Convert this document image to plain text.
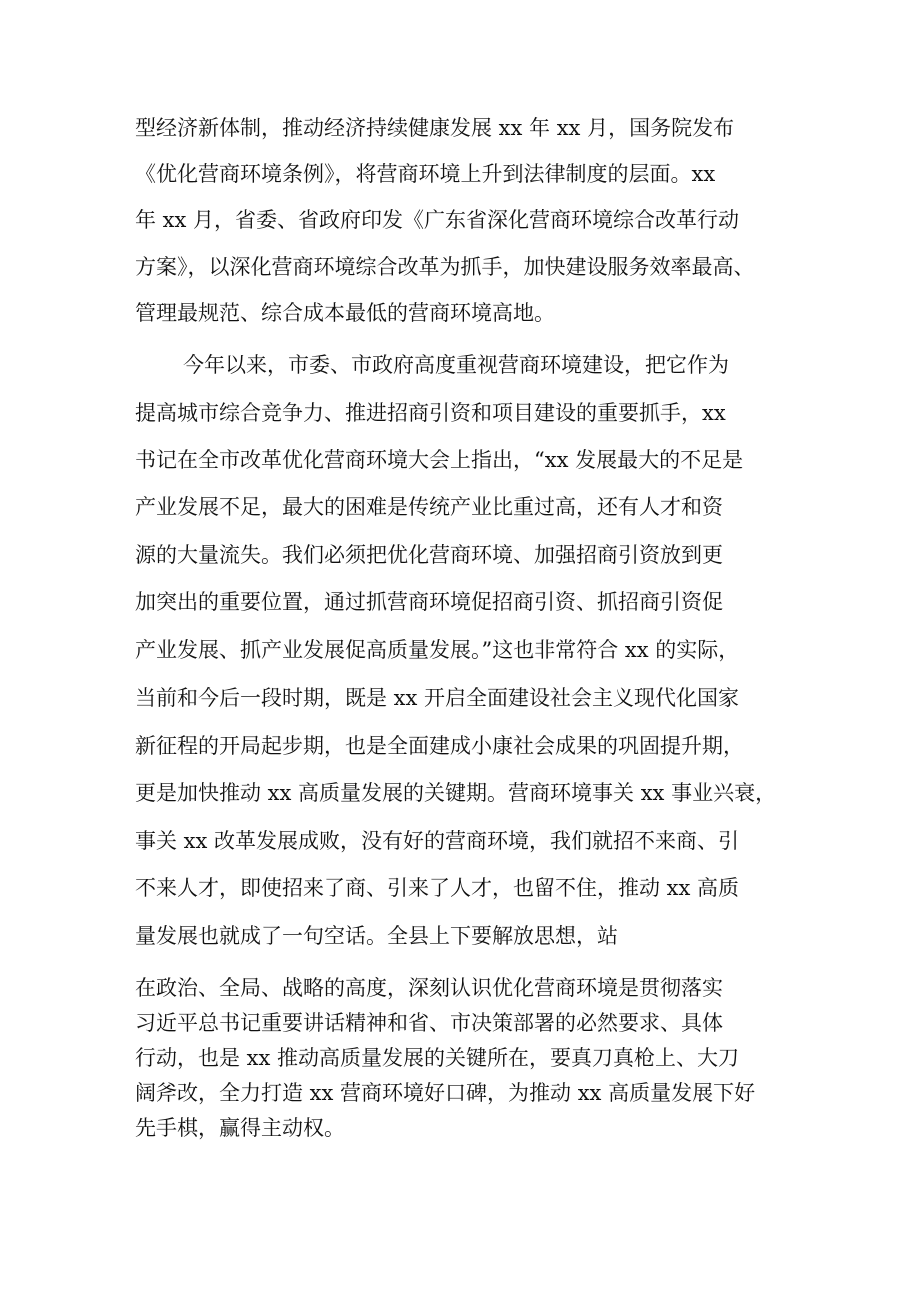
型经济新体制，推动经济持续健康发展 xx 年 xx 月，国务院发布
《优化营商环境条例》，将营商环境上升到法律制度的层面。xx
年 xx 月，省委、省政府印发《广东省深化营商环境综合改革行动
方案》，以深化营商环境综合改革为抓手，加快建设服务效率最高、
管理最规范、综合成本最低的营商环境高地。
今年以来，市委、市政府高度重视营商环境建设，把它作为
提高城市综合竞争力、推进招商引资和项目建设的重要抓手，xx
书记在全市改革优化营商环境大会上指出，“xx 发展最大的不足是
产业发展不足，最大的困难是传统产业比重过高，还有人才和资
源的大量流失。我们必须把优化营商环境、加强招商引资放到更
加突出的重要位置，通过抓营商环境促招商引资、抓招商引资促
产业发展、抓产业发展促高质量发展。”这也非常符合 xx 的实际，
当前和今后一段时期，既是 xx 开启全面建设社会主义现代化国家
新征程的开局起步期，也是全面建成小康社会成果的巩固提升期，
更是加快推动 xx 高质量发展的关键期。营商环境事关 xx 事业兴衰，
事关 xx 改革发展成败，没有好的营商环境，我们就招不来商、引
不来人才，即使招来了商、引来了人才，也留不住，推动 xx 高质
量发展也就成了一句空话。全县上下要解放思想，站
在政治、全局、战略的高度，深刻认识优化营商环境是贯彻落实
习近平总书记重要讲话精神和省、市决策部署的必然要求、具体
行动，也是 xx 推动高质量发展的关键所在，要真刀真枪上、大刀
阔斧改，全力打造 xx 营商环境好口碑，为推动 xx 高质量发展下好
先手棋，赢得主动权。
